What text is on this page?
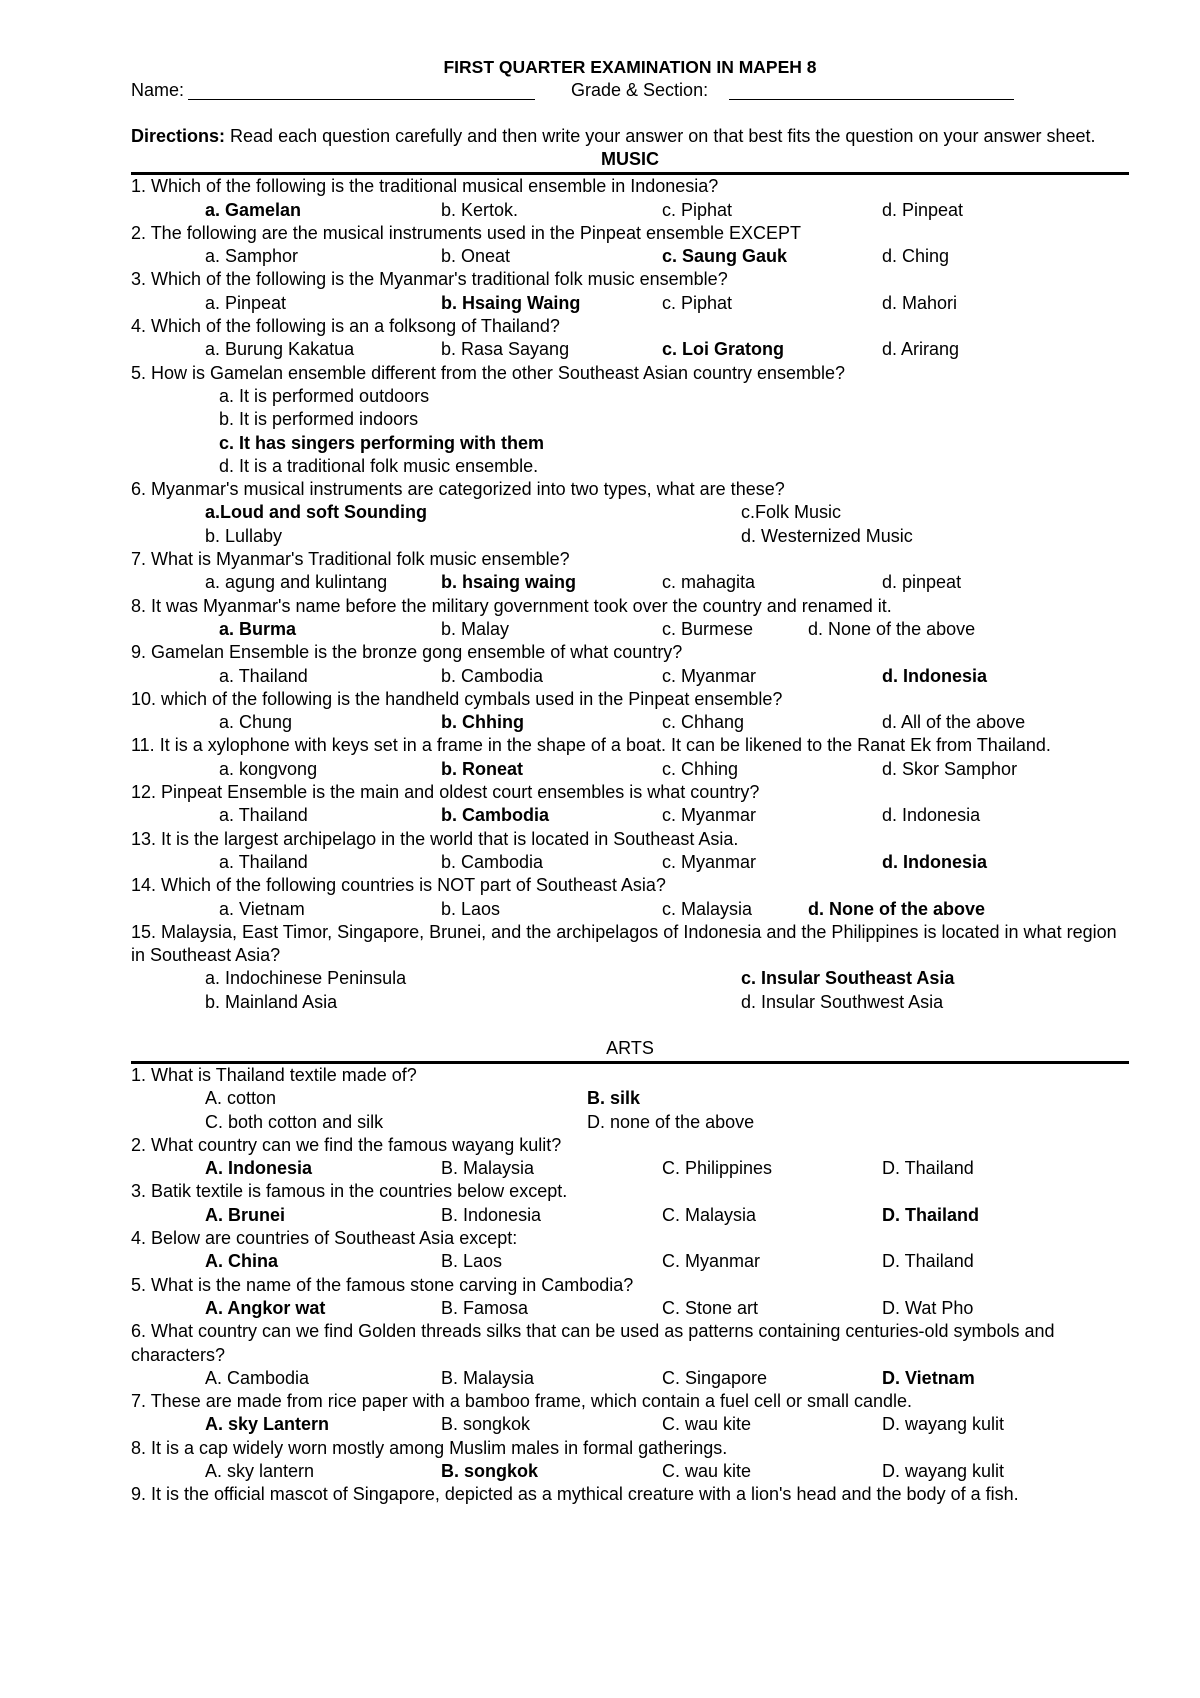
FIRST QUARTER EXAMINATION IN MAPEH 8
Name:	Grade & Section:
Directions: Read each question carefully and then write your answer on that best fits the question on your answer sheet.
MUSIC
1. Which of the following is the traditional musical ensemble in Indonesia?
a. Gamelan	b. Kertok.	c. Piphat	d. Pinpeat
2. The following are the musical instruments used in the Pinpeat ensemble EXCEPT
a. Samphor	b. Oneat	c. Saung Gauk	d. Ching
3. Which of the following is the Myanmar's traditional folk music ensemble?
a. Pinpeat	b. Hsaing Waing	c. Piphat	d. Mahori
4. Which of the following is an a folksong of Thailand?
a. Burung Kakatua	b. Rasa Sayang	c. Loi Gratong	d. Arirang
5. How is Gamelan ensemble different from the other Southeast Asian country ensemble?
a. It is performed outdoors
b. It is performed indoors
c. It has singers performing with them
d. It is a traditional folk music ensemble.
6. Myanmar's musical instruments are categorized into two types, what are these?
a.Loud and soft Sounding	c.Folk Music
b. Lullaby	d. Westernized Music
7. What is Myanmar's Traditional folk music ensemble?
a. agung and kulintang	b. hsaing waing	c. mahagita	d. pinpeat
8. It was Myanmar's name before the military government took over the country and renamed it.
a. Burma	b. Malay	c. Burmese	d. None of the above
9. Gamelan Ensemble is the bronze gong ensemble of what country?
a. Thailand	b. Cambodia	c. Myanmar	d. Indonesia
10. which of the following is the handheld cymbals used in the Pinpeat ensemble?
a. Chung	b. Chhing	c. Chhang	d. All of the above
11. It is a xylophone with keys set in a frame in the shape of a boat. It can be likened to the Ranat Ek from Thailand.
a. kongvong	b. Roneat	c. Chhing	d. Skor Samphor
12. Pinpeat Ensemble is the main and oldest court ensembles is what country?
a. Thailand	b. Cambodia	c. Myanmar	d. Indonesia
13. It is the largest archipelago in the world that is located in Southeast Asia.
a. Thailand	b. Cambodia	c. Myanmar	d. Indonesia
14. Which of the following countries is NOT part of Southeast Asia?
a. Vietnam	b. Laos	c. Malaysia	d. None of the above
15. Malaysia, East Timor, Singapore, Brunei, and the archipelagos of Indonesia and the Philippines is located in what region in Southeast Asia?
a. Indochinese Peninsula	c. Insular Southeast Asia
b. Mainland Asia	d. Insular Southwest Asia
ARTS
1. What is Thailand textile made of?
A. cotton	B. silk
C. both cotton and silk	D. none of the above
2. What country can we find the famous wayang kulit?
A. Indonesia	B. Malaysia	C. Philippines	D. Thailand
3. Batik textile is famous in the countries below except.
A. Brunei	B. Indonesia	C. Malaysia	D. Thailand
4. Below are countries of Southeast Asia except:
A. China	B. Laos	C. Myanmar	D. Thailand
5. What is the name of the famous stone carving in Cambodia?
A. Angkor wat	B. Famosa	C. Stone art	D. Wat Pho
6. What country can we find Golden threads silks that can be used as patterns containing centuries-old symbols and characters?
A. Cambodia	B. Malaysia	C. Singapore	D. Vietnam
7. These are made from rice paper with a bamboo frame, which contain a fuel cell or small candle.
A. sky Lantern	B. songkok	C. wau kite	D. wayang kulit
8. It is a cap widely worn mostly among Muslim males in formal gatherings.
A. sky lantern	B. songkok	C. wau kite	D. wayang kulit
9. It is the official mascot of Singapore, depicted as a mythical creature with a lion's head and the body of a fish.
